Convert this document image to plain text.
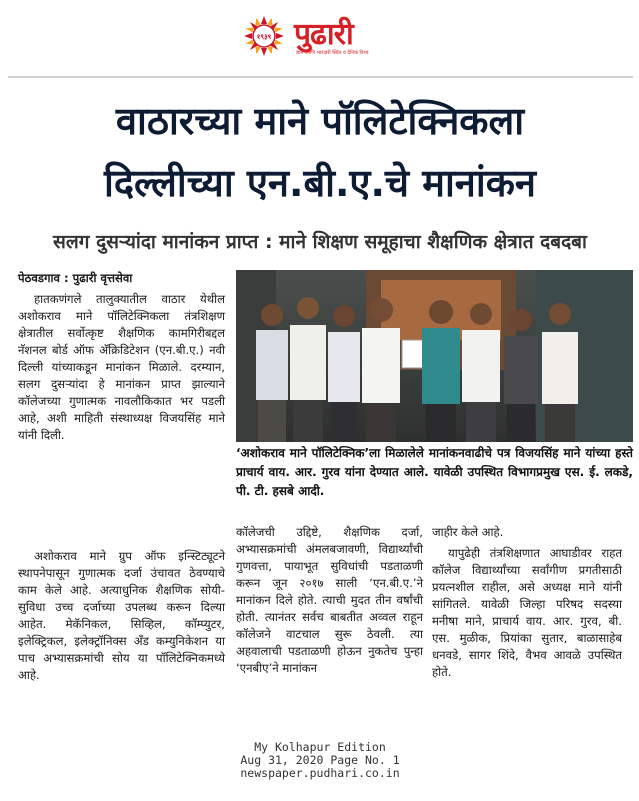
१९३९ पुढारी
ज्ञान आणि भारदारी स्थित व दैनिक विश्व
वाठारच्या माने पॉलिटेक्निकला
दिल्लीच्या एन.बी.ए.चे मानांकन
सलग दुसऱ्यांदा मानांकन प्राप्त : माने शिक्षण समूहाचा शैक्षणिक क्षेत्रात दबदबा

पेठवडगाव : पुढारी वृत्तसेवा

हातकणंगले तालुक्यातील वाठार येथील अशोकराव माने पॉलिटेक्निकला तंत्रशिक्षण क्षेत्रातील सर्वोत्कृष्ट शैक्षणिक कामगिरीबद्दल नॅशनल बोर्ड ऑफ अ‍ॅक्रिडिटेशन (एन.बी.ए.) नवी दिल्ली यांच्याकडून मानांकन मिळाले. दरम्यान, सलग दुसऱ्यांदा हे मानांकन प्राप्त झाल्याने कॉलेजच्या गुणात्मक नावलौकिकात भर पडली आहे, अशी माहिती संस्थाध्यक्ष विजयसिंह माने यांनी दिली.

अशोकराव माने ग्रुप ऑफ इन्स्टिट्यूटने स्थापनेपासून गुणात्मक दर्जा उंचावत ठेवण्याचे काम केले आहे. अत्याधुनिक शैक्षणिक सोयी-सुविधा उच्च दर्जाच्या उपलब्ध करून दिल्या आहेत. मेकॅनिकल, सिव्हिल, कॉम्प्युटर, इलेक्ट्रिकल, इलेक्ट्रॉनिक्स अ‍ॅंड कम्युनिकेशन या पाच अभ्यासक्रमांची सोय या पॉलिटेक्निकमध्ये आहे.

‘अशोकराव माने पॉलिटेक्निक’ला मिळालेले मानांकनवाढीचे पत्र विजयसिंह माने यांच्या हस्ते प्राचार्य वाय. आर. गुरव यांना देण्यात आले. यावेळी उपस्थित विभागप्रमुख एस. ई. लकडे, पी. टी. हसबे आदी.

कॉलेजची उद्दिष्टे, शैक्षणिक दर्जा, अभ्यासक्रमांची अंमलबजावणी, विद्यार्थ्यांची गुणवत्ता, पायाभूत सुविधांची पडताळणी करून जून २०१७ साली ‘एन.बी.ए.’ने मानांकन दिले होते. त्याची मुदत तीन वर्षांची होती. त्यानंतर सर्वच बाबतीत अव्वल राहून कॉलेजने वाटचाल सुरू ठेवली. त्या अहवालाची पडताळणी होऊन नुकतेच पुन्हा ‘एनबीए’ने मानांकन

जाहीर केले आहे.

यापुढेही तंत्रशिक्षणात आघाडीवर राहत कॉलेज विद्यार्थ्यांच्या सर्वांगीण प्रगतीसाठी प्रयत्नशील राहील, असे अध्यक्ष माने यांनी सांगितले. यावेळी जिल्हा परिषद सदस्या मनीषा माने, प्राचार्य वाय. आर. गुरव, बी. एस. मुळीक, प्रियांका सुतार, बाळासाहेब धनवडे, सागर शिंदे, वैभव आवळे उपस्थित होते.

My Kolhapur Edition
Aug 31, 2020 Page No. 1
newspaper.pudhari.co.in
